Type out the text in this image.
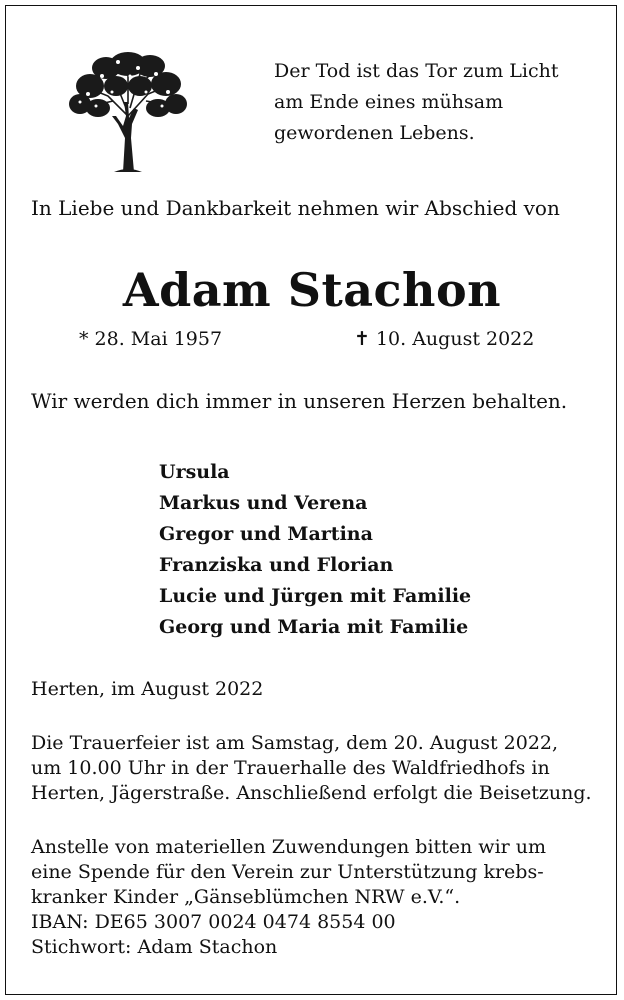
Der Tod ist das Tor zum Licht
am Ende eines mühsam
gewordenen Lebens.
In Liebe und Dankbarkeit nehmen wir Abschied von
Adam Stachon
* 28. Mai 1957	✝ 10. August 2022
Wir werden dich immer in unseren Herzen behalten.
Ursula
Markus und Verena
Gregor und Martina
Franziska und Florian
Lucie und Jürgen mit Familie
Georg und Maria mit Familie
Herten, im August 2022
Die Trauerfeier ist am Samstag, dem 20. August 2022,
um 10.00 Uhr in der Trauerhalle des Waldfriedhofs in
Herten, Jägerstraße. Anschließend erfolgt die Beisetzung.
Anstelle von materiellen Zuwendungen bitten wir um
eine Spende für den Verein zur Unterstützung krebs-
kranker Kinder „Gänseblümchen NRW e.V.“.
IBAN: DE65 3007 0024 0474 8554 00
Stichwort: Adam Stachon
